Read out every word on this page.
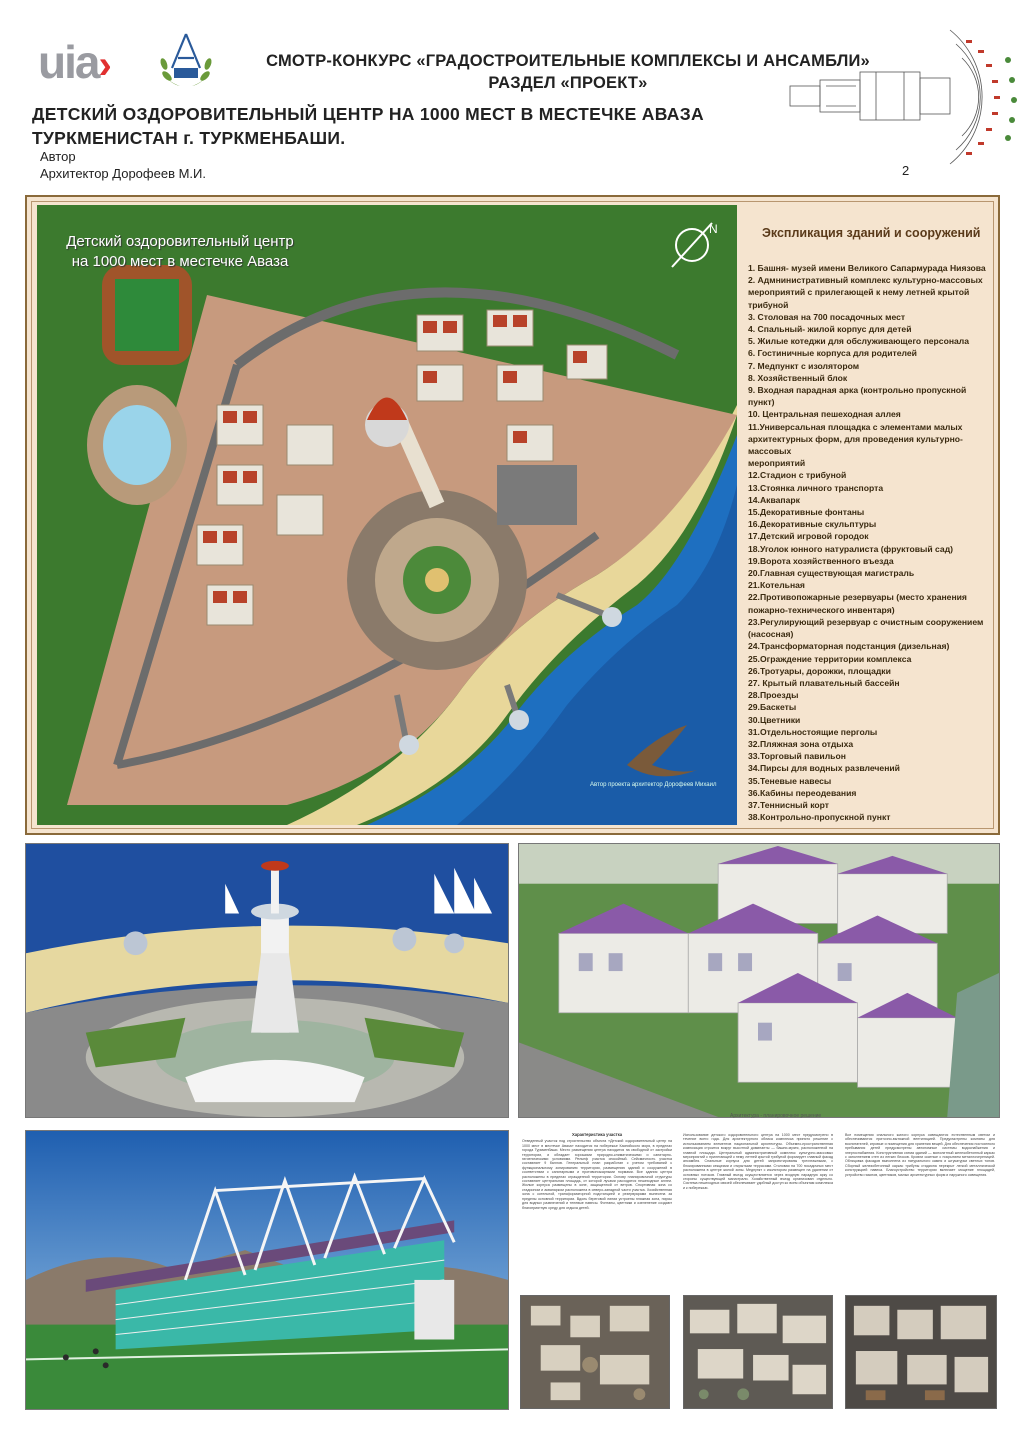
uia›	СМОТР-КОНКУРС «ГРАДОСТРОИТЕЛЬНЫЕ КОМПЛЕКСЫ И АНСАМБЛИ»
РАЗДЕЛ «ПРОЕКТ»
ДЕТСКИЙ ОЗДОРОВИТЕЛЬНЫЙ ЦЕНТР НА 1000 МЕСТ В МЕСТЕЧКЕ АВАЗА
ТУРКМЕНИСТАН г. ТУРКМЕНБАШИ.
Автор
Архитектор Дорофеев М.И.	2
N
Детский оздоровительный центр
на 1000 мест в местечке Аваза
Автор проекта архитектор Дорофеев Михаил
Экспликация зданий и сооружений
1. Башня- музей имени Великого Сапармурада Ниязова
2. Адмнинистративный комплекс культурно-массовых
мероприятий с прилегающей к нему летней крытой
трибуной
3. Столовая на 700 посадочных мест
4. Спальный- жилой корпус для детей
5. Жилые котеджи для обслуживающего персонала
6. Гостиничные корпуса для родителей
7. Медпункт с изолятором
8. Хозяйственный блок
9. Входная парадная арка (контрольно пропускной пункт)
10. Центральная пешеходная аллея
11.Универсальная площадка с элементами малых
архитектурных форм, для проведения культурно-массовых
мероприятий
12.Стадион с трибуной
13.Стоянка личного транспорта
14.Аквапарк
15.Декоративные фонтаны
16.Декоративные скульптуры
17.Детский игровой городок
18.Уголок юнного натуралиста (фруктовый сад)
19.Ворота хозяйственного въезда
20.Главная существующая магистраль
21.Котельная
22.Противопожарные резервуары (место хранения
пожарно-технического инвентаря)
23.Регулирующий резервуар с очистным сооружением
(насосная)
24.Трансформаторная подстанция (дизельная)
25.Ограждение территории комплекса
26.Тротуары, дорожки, площадки
27. Крытый плавательный бассейн
28.Проезды
29.Баскеты
30.Цветники
31.Отдельностоящие перголы
32.Пляжная зона отдыха
33.Торговый павильон
34.Пирсы для водных развлечений
35.Теневые навесы
36.Кабины переодевания
37.Теннисный корт
38.Контрольно-пропускной пункт
Архитектура - планировочное решение
Характеристика участка
Отведенный участок под строительство объекта «Детский оздоровительный центр на 1000 мест в местечке Аваза» находится на побережье Каспийского моря, в пределах города Туркменбаши. Место размещения центра находится на свободной от застройки территории, и обладает хорошими природно-климатическими и санитарно-гигиеническими условиями. Рельеф участка спокойный. Сейсмичность участка составляет 9 баллов. Генеральный план разработан с учетом требований к функциональному зонированию территории, размещению зданий и сооружений в соответствии с санитарными и противопожарными нормами. Все здания центра расположены в пределах огражденной территории. Основу планировочной структуры составляет центральная площадь, от которой лучами расходятся пешеходные аллеи. Жилые корпуса размещены в зоне, защищенной от ветров. Спортивная зона со стадионом и аквапарком расположена в северо-западной части участка. Хозяйственная зона с котельной, трансформаторной подстанцией и резервуарами вынесена за пределы основной территории. Вдоль береговой линии устроены пляжная зона, пирсы для водных развлечений и теневые навесы. Фонтаны, цветники и озеленение создают благоприятную среду для отдыха детей.
Использование детского оздоровительного центра на 1000 мест предусмотрено в течение всего года. Для архитектурного облика комплекса принято решение с использованием элементов национальной архитектуры. Объемно-пространственная композиция строится вокруг высотной доминанты — башни-музея, расположенной на главной площади. Центральный административный комплекс культурно-массовых мероприятий с прилегающей к нему летней крытой трибуной формирует главный фасад ансамбля. Спальные корпуса для детей запроектированы трехэтажными, с блокированными секциями и открытыми террасами. Столовая на 700 посадочных мест расположена в центре жилой зоны. Медпункт с изолятором размещен на удалении от основных потоков. Главный въезд осуществляется через входную парадную арку со стороны существующей магистрали. Хозяйственный въезд организован отдельно. Система пешеходных связей обеспечивает удобный доступ ко всем объектам комплекса и к побережью.
Все помещения спального жилого корпуса освещаются естественным светом и обеспечиваются приточно-вытяжной вентиляцией. Предусмотрены комнаты для воспитателей, игровые и помещения для хранения вещей. Для обеспечения постоянного пребывания детей предусмотрены автономные системы водоснабжения и энергоснабжения. Конструктивная схема зданий — монолитный железобетонный каркас с заполнением стен из легких блоков. Кровли скатные с покрытием металлочерепицей. Облицовка фасадов выполнена из натурального камня и штукатурки светлых тонов. Сборный железобетонный каркас трибуны стадиона перекрыт легкой металлической конструкцией навеса. Благоустройство территории включает мощение площадей, устройство газонов, цветников, малых архитектурных форм и наружного освещения.
